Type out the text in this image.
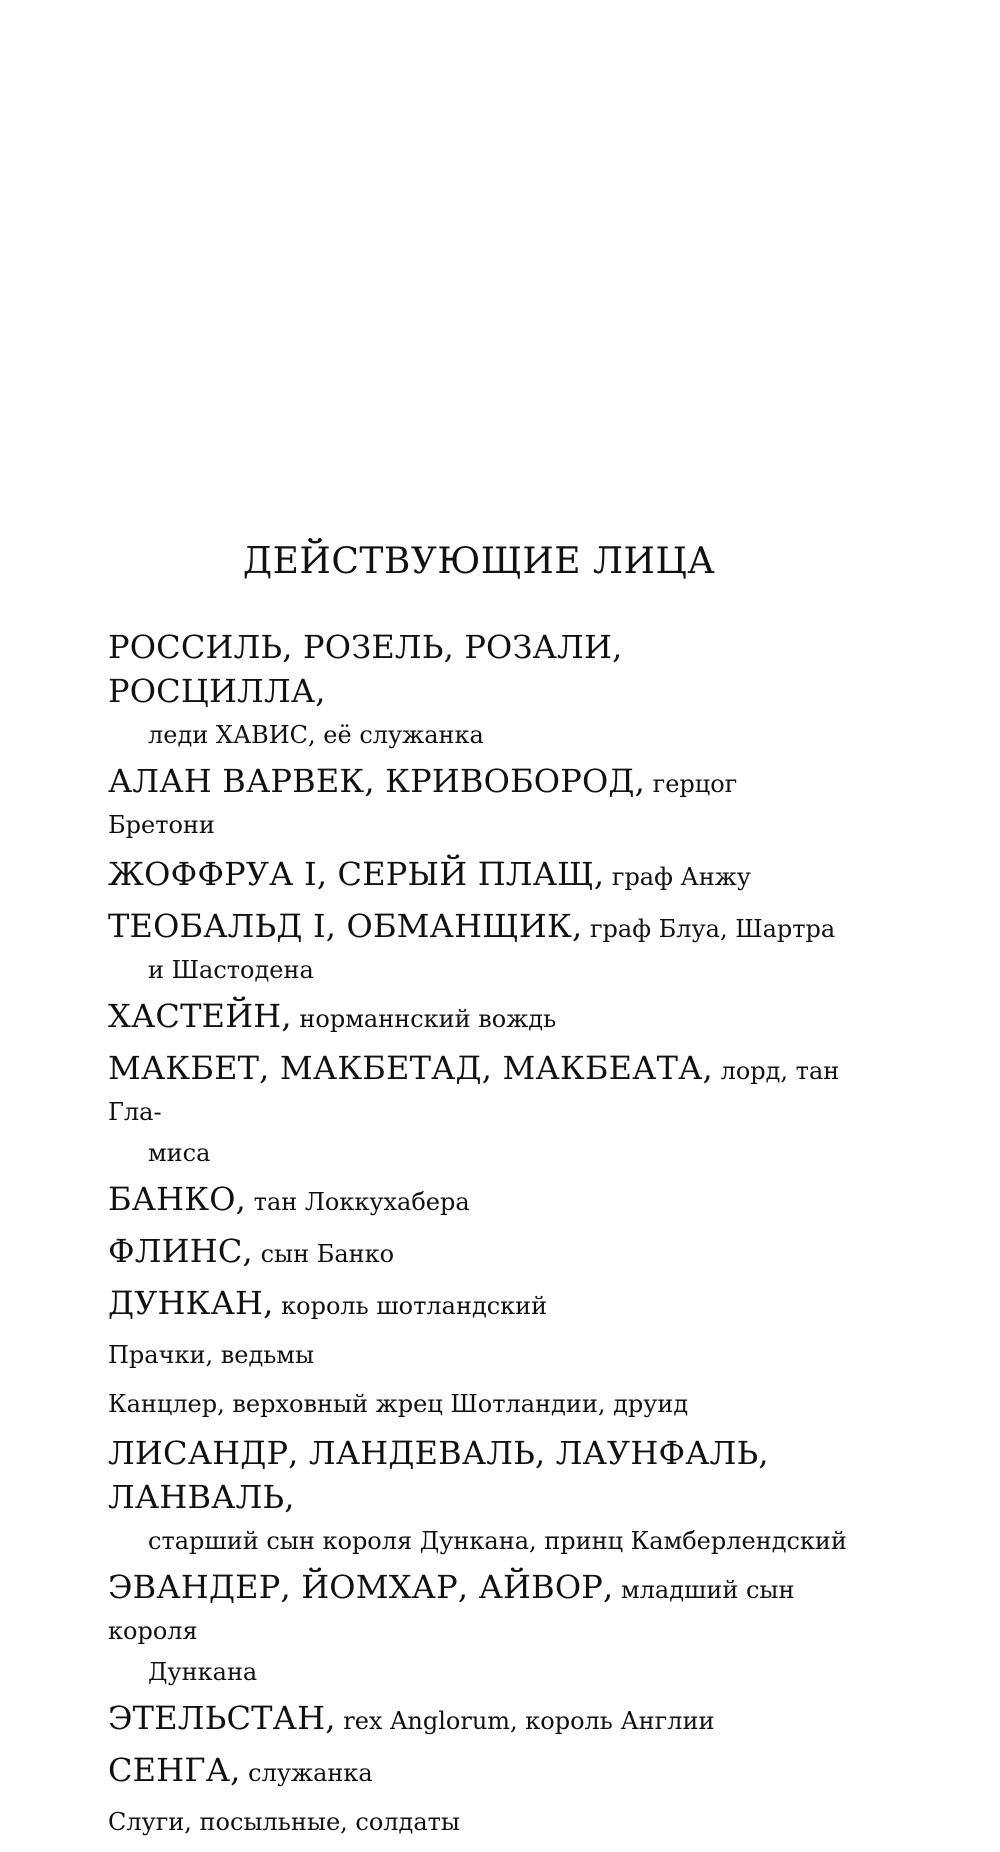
ДЕЙСТВУЮЩИЕ ЛИЦА
РОССИЛЬ, РОЗЕЛЬ, РОЗАЛИ, РОСЦИЛЛА,
леди ХАВИС, её служанка
АЛАН ВАРВЕК, КРИВОБОРОД, герцог Бретони
ЖОФФРУА I, СЕРЫЙ ПЛАЩ, граф Анжу
ТЕОБАЛЬД I, ОБМАНЩИК, граф Блуа, Шартра
и Шастодена
ХАСТЕЙН, норманнский вождь
МАКБЕТ, МАКБЕТАД, МАКБЕАТА, лорд, тан Гла-
миса
БАНКО, тан Локкухабера
ФЛИНС, сын Банко
ДУНКАН, король шотландский
Прачки, ведьмы
Канцлер, верховный жрец Шотландии, друид
ЛИСАНДР, ЛАНДЕВАЛЬ, ЛАУНФАЛЬ, ЛАНВАЛЬ,
старший сын короля Дункана, принц Камберлендский
ЭВАНДЕР, ЙОМХАР, АЙВОР, младший сын короля
Дункана
ЭТЕЛЬСТАН, rex Anglorum, король Англии
СЕНГА, служанка
Слуги, посыльные, солдаты
